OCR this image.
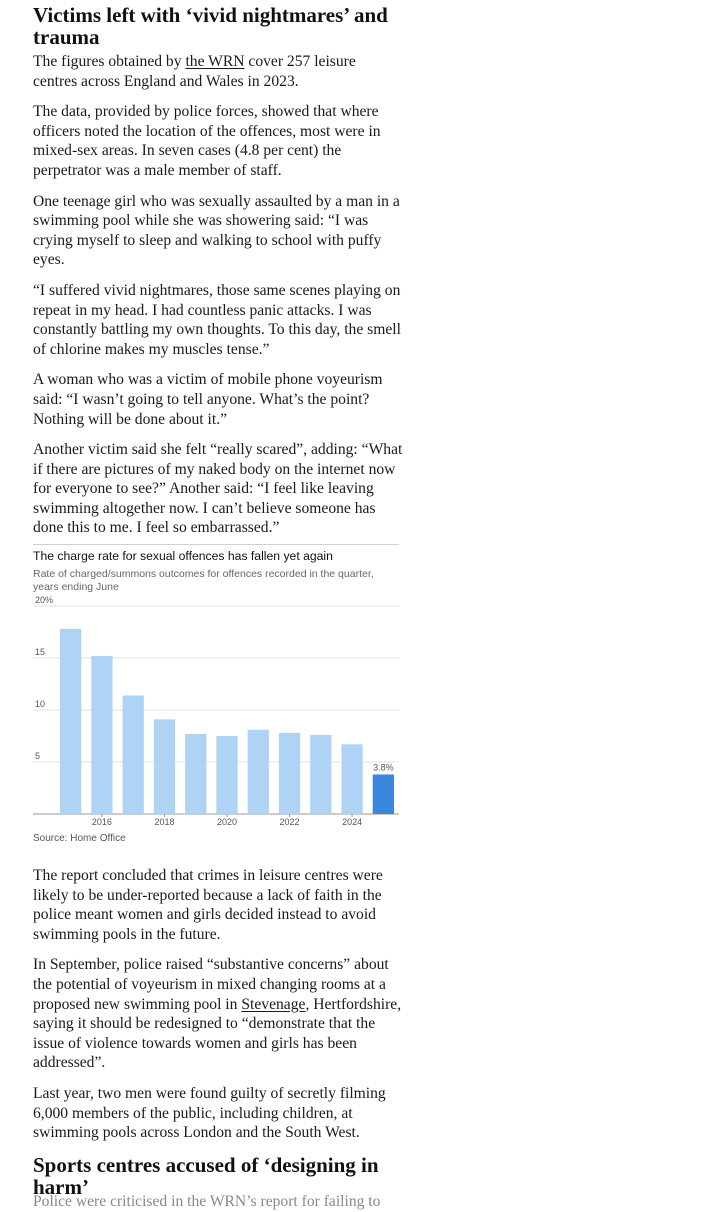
Victims left with ‘vivid nightmares’ and trauma

The figures obtained by the WRN cover 257 leisure centres across England and Wales in 2023.

The data, provided by police forces, showed that where officers noted the location of the offences, most were in mixed-sex areas. In seven cases (4.8 per cent) the perpetrator was a male member of staff.

One teenage girl who was sexually assaulted by a man in a swimming pool while she was showering said: “I was crying myself to sleep and walking to school with puffy eyes.

“I suffered vivid nightmares, those same scenes playing on repeat in my head. I had countless panic attacks. I was constantly battling my own thoughts. To this day, the smell of chlorine makes my muscles tense.”

A woman who was a victim of mobile phone voyeurism said: “I wasn’t going to tell anyone. What’s the point? Nothing will be done about it.”

Another victim said she felt “really scared”, adding: “What if there are pictures of my naked body on the internet now for everyone to see?” Another said: “I feel like leaving swimming altogether now. I can’t believe someone has done this to me. I feel so embarrassed.”

The charge rate for sexual offences has fallen yet again
Rate of charged/summons outcomes for offences recorded in the quarter, years ending June
5
10
15
20%
3.8%
2016	2018	2020	2022	2024
Source: Home Office

The report concluded that crimes in leisure centres were likely to be under-reported because a lack of faith in the police meant women and girls decided instead to avoid swimming pools in the future.

In September, police raised “substantive concerns” about the potential of voyeurism in mixed changing rooms at a proposed new swimming pool in Stevenage, Hertfordshire, saying it should be redesigned to “demonstrate that the issue of violence towards women and girls has been addressed”.

Last year, two men were found guilty of secretly filming 6,000 members of the public, including children, at swimming pools across London and the South West.

Sports centres accused of ‘designing in harm’
Police were criticised in the WRN’s report for failing to
